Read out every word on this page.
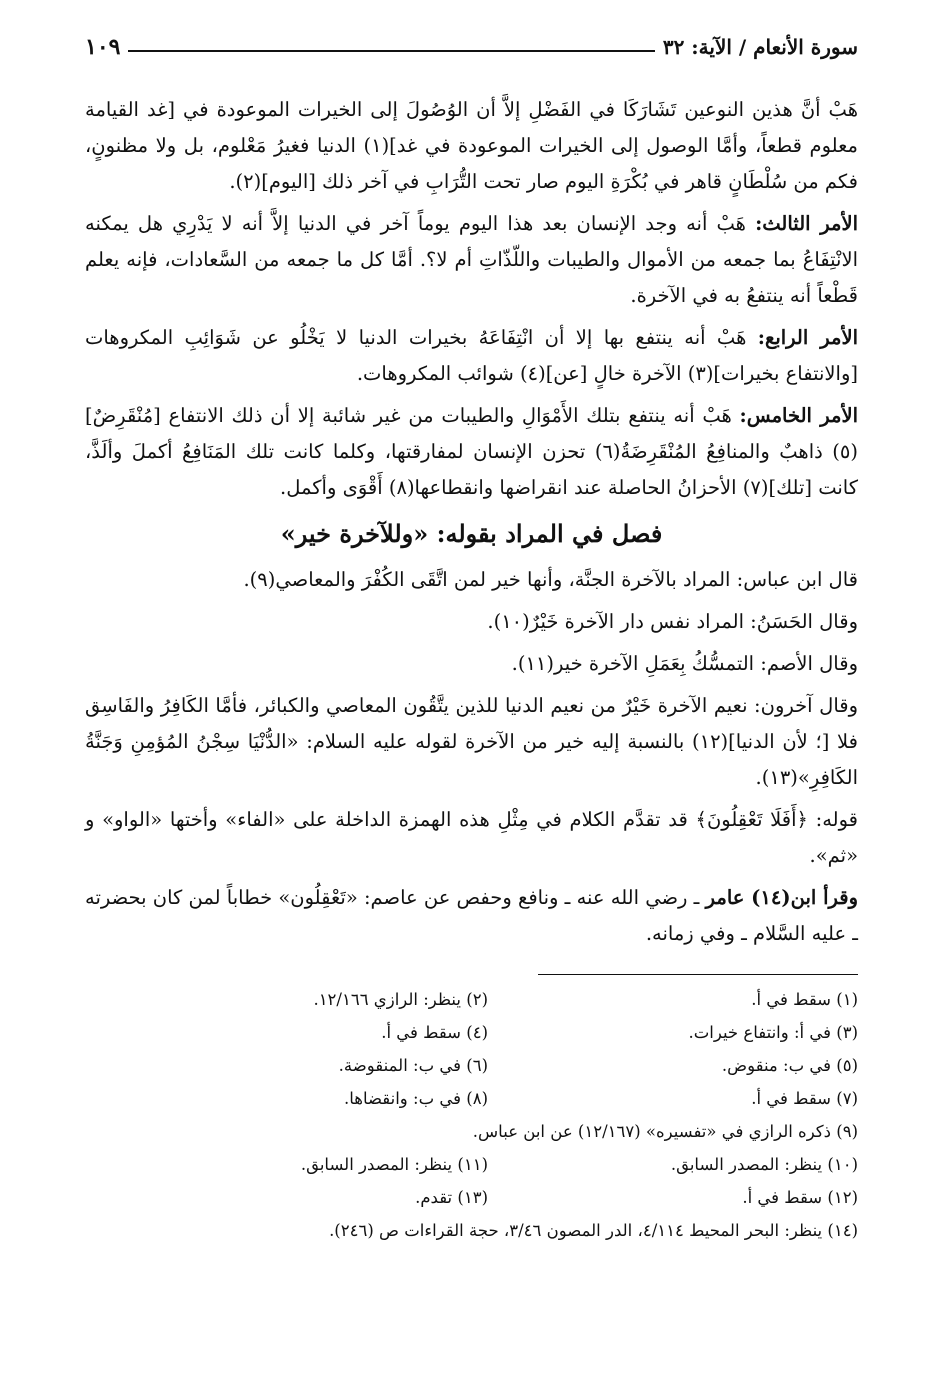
سورة الأنعام / الآية: ٣٢
١٠٩

هَبْ أنَّ هذين النوعين تَشَارَكَا في الفَضْلِ إلاَّ أن الوُصُولَ إلى الخيرات الموعودة في [غد القيامة معلوم قطعاً، وأمَّا الوصول إلى الخيرات الموعودة في غد](١) الدنيا فغيرُ مَعْلوم، بل ولا مظنونٍ، فكم من سُلْطَانٍ قاهر في بُكْرَةِ اليوم صار تحت التُّرَابِ في آخر ذلك [اليوم](٢).

الأمر الثالث: هَبْ أنه وجد الإنسان بعد هذا اليوم يوماً آخر في الدنيا إلاَّ أنه لا يَدْرِي هل يمكنه الانْتِفَاعُ بما جمعه من الأموال والطيبات واللّذّاتِ أم لا؟. أمَّا كل ما جمعه من السَّعادات، فإنه يعلم قَطْعاً أنه ينتفعُ به في الآخرة.

الأمر الرابع: هَبْ أنه ينتفع بها إلا أن انْتِفَاعَهُ بخيرات الدنيا لا يَخْلُو عن شَوَائِبِ المكروهات [والانتفاع بخيرات](٣) الآخرة خالٍ [عن](٤) شوائب المكروهات.

الأمر الخامس: هَبْ أنه ينتفع بتلك الأَمْوَالِ والطيبات من غير شائبة إلا أن ذلك الانتفاع [مُنْقَرِضٌ](٥) ذاهبٌ والمنافِعُ المُنْقَرِضَةُ(٦) تحزن الإنسان لمفارقتها، وكلما كانت تلك المَنَافِعُ أكملَ وألَذَّ، كانت [تلك](٧) الأحزانُ الحاصلة عند انقراضها وانقطاعها(٨) أَقْوَى وأكمل.

فصل في المراد بقوله: «وللآخرة خير»

قال ابن عباس: المراد بالآخرة الجنَّة، وأنها خير لمن اتَّقَى الكُفْرَ والمعاصي(٩).

وقال الحَسَنُ: المراد نفس دار الآخرة خَيْرٌ(١٠).

وقال الأصم: التمسُّكُ بِعَمَلِ الآخرة خير(١١).

وقال آخرون: نعيم الآخرة خَيْرٌ من نعيم الدنيا للذين يتَّقُون المعاصي والكبائر، فأمَّا الكَافِرُ والفَاسِق فلا [؛ لأن الدنيا](١٢) بالنسبة إليه خير من الآخرة لقوله عليه السلام: «الدُّنْيَا سِجْنُ المُؤمِنِ وَجَنَّةُ الكَافِرِ»(١٣).

قوله: ﴿أَفَلَا تَعْقِلُونَ﴾ قد تقدَّم الكلام في مِثْلِ هذه الهمزة الداخلة على «الفاء» وأختها «الواو» و «ثم».

وقرأ ابن(١٤) عامر ـ رضي الله عنه ـ ونافع وحفص عن عاصم: «تَعْقِلُون» خطاباً لمن كان بحضرته ـ عليه السَّلام ـ وفي زمانه.

(١) سقط في أ.
(٢) ينظر: الرازي ١٢/١٦٦.
(٣) في أ: وانتفاع خيرات.
(٤) سقط في أ.
(٥) في ب: منقوض.
(٦) في ب: المنقوضة.
(٧) سقط في أ.
(٨) في ب: وانقضاها.
(٩) ذكره الرازي في «تفسيره» (١٢/١٦٧) عن ابن عباس.
(١٠) ينظر: المصدر السابق.
(١١) ينظر: المصدر السابق.
(١٢) سقط في أ.
(١٣) تقدم.
(١٤) ينظر: البحر المحيط ٤/١١٤، الدر المصون ٣/٤٦، حجة القراءات ص (٢٤٦).
